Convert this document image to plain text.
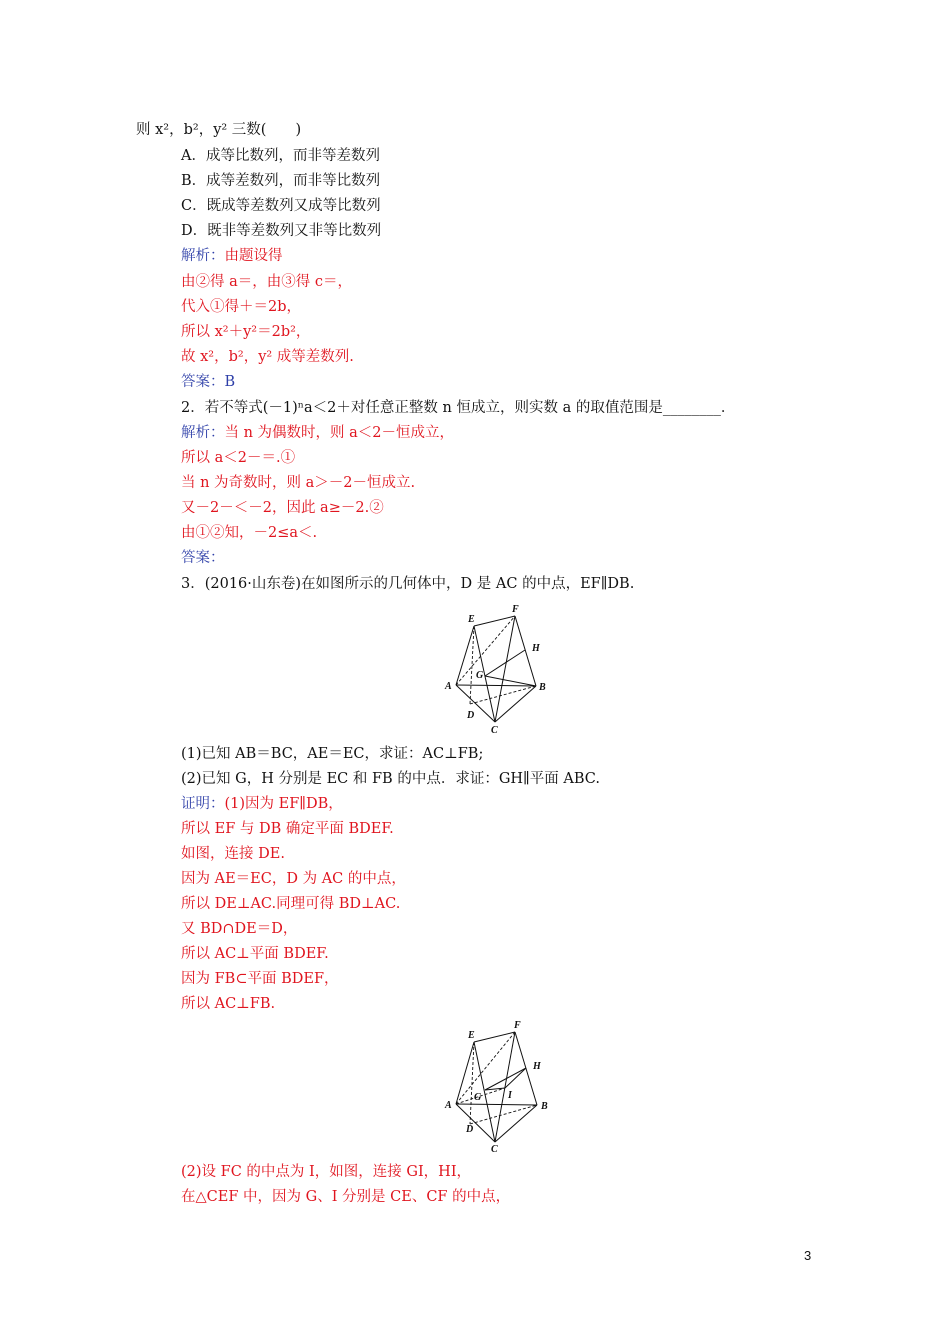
则 x²，b²，y² 三数(　　)
A．成等比数列，而非等差数列
B．成等差数列，而非等比数列
C．既成等差数列又成等比数列
D．既非等差数列又非等比数列
解析：由题设得
由②得 a＝，由③得 c＝，
代入①得＋＝2b，
所以 x²＋y²＝2b²，
故 x²，b²，y² 成等差数列.
答案：B
2．若不等式(－1)ⁿa＜2＋对任意正整数 n 恒成立，则实数 a 的取值范围是________．
解析：当 n 为偶数时，则 a＜2－恒成立，
所以 a＜2－＝.①
当 n 为奇数时，则 a＞－2－恒成立.
又－2－＜－2，因此 a≥－2.②
由①②知，－2≤a＜.
答案：
3．(2016·山东卷)在如图所示的几何体中，D 是 AC 的中点，EF∥DB.
E
F
H
A
G
B
D
C
(1)已知 AB＝BC，AE＝EC，求证：AC⊥FB;
(2)已知 G，H 分别是 EC 和 FB 的中点．求证：GH∥平面 ABC.
证明：(1)因为 EF∥DB，
所以 EF 与 DB 确定平面 BDEF.
如图，连接 DE.
因为 AE＝EC，D 为 AC 的中点，
所以 DE⊥AC.同理可得 BD⊥AC.
又 BD∩DE＝D，
所以 AC⊥平面 BDEF.
因为 FB⊂平面 BDEF，
所以 AC⊥FB.
E
F
H
A
G	I
B
D
C
(2)设 FC 的中点为 I，如图，连接 GI，HI，
在△CEF 中，因为 G、I 分别是 CE、CF 的中点，
3
